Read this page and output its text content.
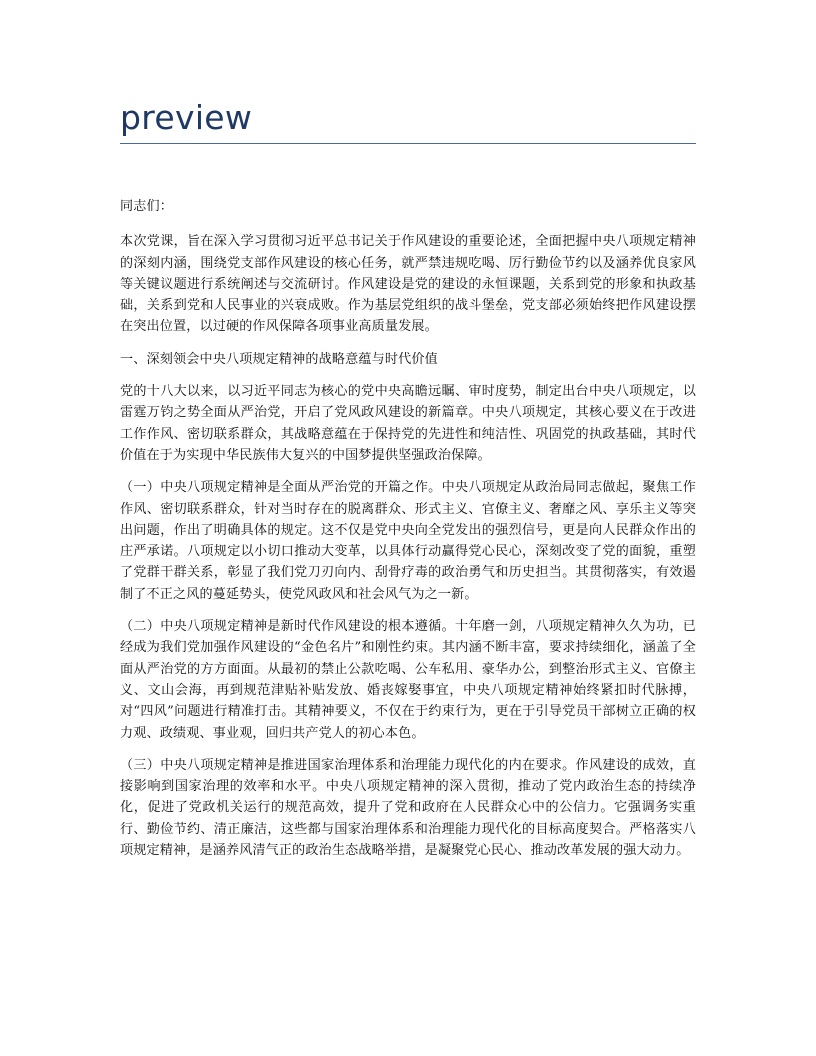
preview

同志们：

本次党课，旨在深入学习贯彻习近平总书记关于作风建设的重要论述，全面把握中央八项规定精神的深刻内涵，围绕党支部作风建设的核心任务，就严禁违规吃喝、厉行勤俭节约以及涵养优良家风等关键议题进行系统阐述与交流研讨。作风建设是党的建设的永恒课题，关系到党的形象和执政基础，关系到党和人民事业的兴衰成败。作为基层党组织的战斗堡垒，党支部必须始终把作风建设摆在突出位置，以过硬的作风保障各项事业高质量发展。

一、深刻领会中央八项规定精神的战略意蕴与时代价值

党的十八大以来，以习近平同志为核心的党中央高瞻远瞩、审时度势，制定出台中央八项规定，以雷霆万钧之势全面从严治党，开启了党风政风建设的新篇章。中央八项规定，其核心要义在于改进工作作风、密切联系群众，其战略意蕴在于保持党的先进性和纯洁性、巩固党的执政基础，其时代价值在于为实现中华民族伟大复兴的中国梦提供坚强政治保障。

（一）中央八项规定精神是全面从严治党的开篇之作。中央八项规定从政治局同志做起，聚焦工作作风、密切联系群众，针对当时存在的脱离群众、形式主义、官僚主义、奢靡之风、享乐主义等突出问题，作出了明确具体的规定。这不仅是党中央向全党发出的强烈信号，更是向人民群众作出的庄严承诺。八项规定以小切口推动大变革，以具体行动赢得党心民心，深刻改变了党的面貌，重塑了党群干群关系，彰显了我们党刀刃向内、刮骨疗毒的政治勇气和历史担当。其贯彻落实，有效遏制了不正之风的蔓延势头，使党风政风和社会风气为之一新。

（二）中央八项规定精神是新时代作风建设的根本遵循。十年磨一剑，八项规定精神久久为功，已经成为我们党加强作风建设的“金色名片”和刚性约束。其内涵不断丰富，要求持续细化，涵盖了全面从严治党的方方面面。从最初的禁止公款吃喝、公车私用、豪华办公，到整治形式主义、官僚主义、文山会海，再到规范津贴补贴发放、婚丧嫁娶事宜，中央八项规定精神始终紧扣时代脉搏，对“四风”问题进行精准打击。其精神要义，不仅在于约束行为，更在于引导党员干部树立正确的权力观、政绩观、事业观，回归共产党人的初心本色。

（三）中央八项规定精神是推进国家治理体系和治理能力现代化的内在要求。作风建设的成效，直接影响到国家治理的效率和水平。中央八项规定精神的深入贯彻，推动了党内政治生态的持续净化，促进了党政机关运行的规范高效，提升了党和政府在人民群众心中的公信力。它强调务实重行、勤俭节约、清正廉洁，这些都与国家治理体系和治理能力现代化的目标高度契合。严格落实八项规定精神，是涵养风清气正的政治生态战略举措，是凝聚党心民心、推动改革发展的强大动力。
